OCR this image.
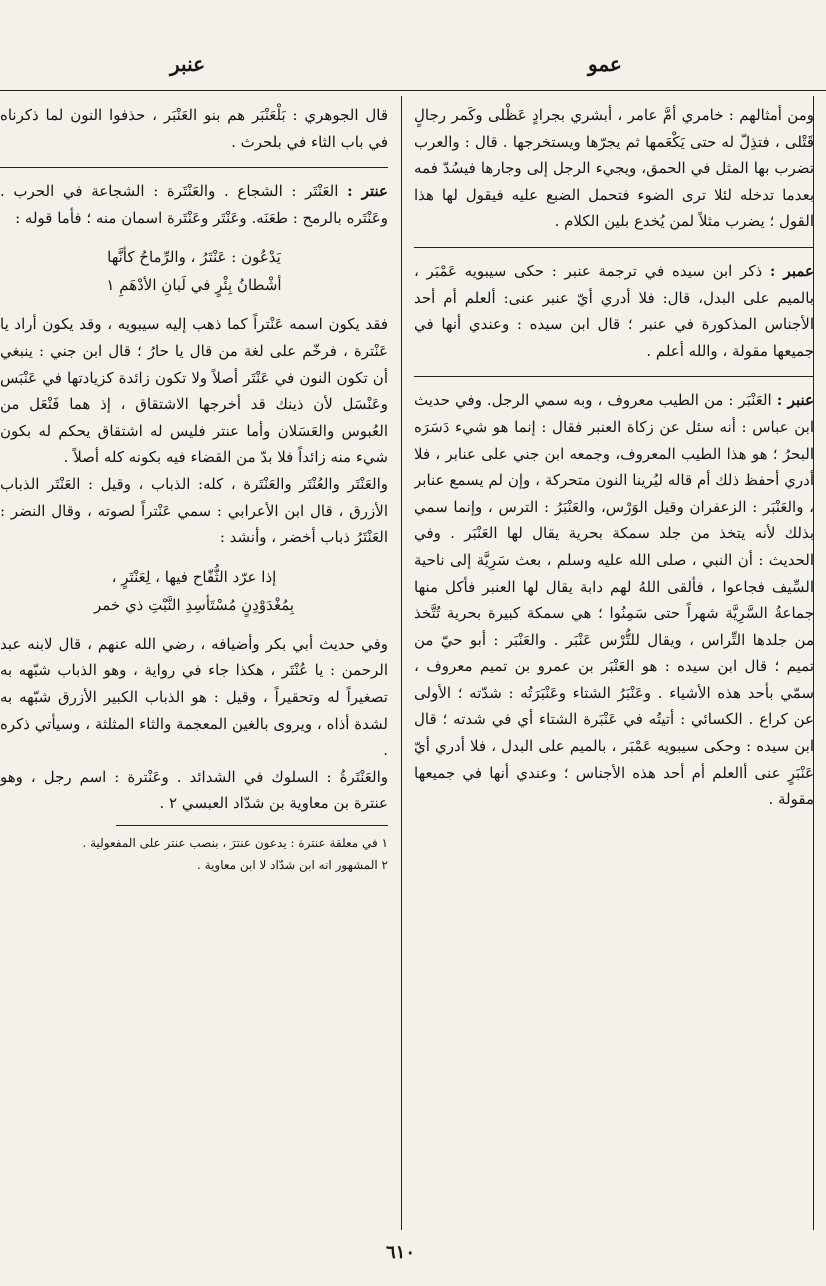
عنبر	عمو
ومن أمثالهم : خامري أمَّ عامر ، أبشري بجرادٍ عَظْلى وكَمر رجالٍ قَتْلى ، فتذِلّ له حتى يَكْعَمها ثم يجرّها ويستخرجها . قال : والعرب تضرب بها المثل في الحمق، ويجيء الرجل إلى وجارها فيسُدّ فمه بعدما تدخله لئلا ترى الضوء فتحمل الضبع عليه فيقول لها هذا القول ؛ يضرب مثلاً لمن يُخدع بلين الكلام .
عمبر : ذكر ابن سيده في ترجمة عنبر : حكى سيبويه عَمْبَر ، بالميم على البدل، قال: فلا أدري أيّ عنبر عنى: ألعلم أم أحد الأجناس المذكورة في عنبر ؛ قال ابن سيده : وعندي أنها في جميعها مقولة ، والله أعلم .
عنبر : العَنْبَر : من الطيب معروف ، وبه سمي الرجل. وفي حديث ابن عباس : أنه سئل عن زكاة العنبر فقال : إنما هو شيء دَسَرَه البحرُ ؛ هو هذا الطيب المعروف، وجمعه ابن جني على عنابر ، فلا أدري أحفظ ذلك أم قاله ليُرينا النون متحركة ، وإن لم يسمع عنابر ، والعَنْبَر : الزعفران وقيل الوَرْس، والعَنْبَرُ : الترس ، وإنما سمي بذلك لأنه يتخذ من جلد سمكة بحرية يقال لها العَنْبَر . وفي الحديث : أن النبي ، صلى الله عليه وسلم ، بعث سَرِيَّة إلى ناحية السِّيف فجاعوا ، فألقى اللهُ لهم دابة يقال لها العنبر فأكل منها جماعةُ السَّرِيَّة شهراً حتى سَمِنُوا ؛ هي سمكة كبيرة بحرية تُتَّخذ من جلدها التِّراس ، ويقال للتُّرْس عَنْبَر . والعَنْبَر : أبو حيّ من تميم ؛ قال ابن سيده : هو العَنْبَر بن عمرو بن تميم معروف ، سمّي بأحد هذه الأشياء . وعَنْبَرُ الشتاء وعَنْبَرَتُه : شدّته ؛ الأولى عن كراع . الكسائي : أتيتُه في عَنْبَرة الشتاء أي في شدته ؛ قال ابن سيده : وحكى سيبويه عَمْبَر ، بالميم على البدل ، فلا أدري أيّ عَنْبَرٍ عنى أالعلم أم أحد هذه الأجناس ؛ وعندي أنها في جميعها مقولة .

قال الجوهري : بَلْعَنْبَر هم بنو العَنْبَر ، حذفوا النون لما ذكرناه في باب الثاء في بلحرث .

عنتر : العَنْتَر : الشجاع . والعَنْتَرة : الشجاعة في الحرب . وعَنْتَره بالرمح : طعَنَه. وعَنْتَر وعَنْتَرة اسمان منه ؛ فأما قوله :
يَدْعُون : عَنْتَرُ ، والرِّماحُ كأنَّها
أشْطانُ بِئْرٍ في لَبانِ الأدْهَمِ ١

فقد يكون اسمه عَنْتراً كما ذهب إليه سيبويه ، وقد يكون أراد يا عَنْترة ، فرخّم على لغة من قال يا حارُ ؛ قال ابن جني : ينبغي أن تكون النون في عَنْتَر أصلاً ولا تكون زائدة كزيادتها في عَنْبَس وعَنْسَل لأن ذينك قد أخرجها الاشتقاق ، إذ هما فَنْعَل من العُبوس والعَسَلان وأما عنتر فليس له اشتقاق يحكم له بكون شيء منه زائداً فلا بدّ من القضاء فيه بكونه كله أصلاً .

والعَنْتَر والعُنْتَر والعَنْتَرة ، كله: الذباب ، وقيل : العَنْتَر الذباب الأزرق ، قال ابن الأعرابي : سمي عَنْتراً لصوته ، وقال النضر : العَنْتَرُ ذباب أخضر ، وأنشد :

إذا عرّد الثُّفّاح فيها ، لِعَنْتَرٍ ،
بِمُغْدَوْدِنٍ مُسْتَأسِدِ النَّبْتِ ذي خمر

وفي حديث أبي بكر وأضيافه ، رضي الله عنهم ، قال لابنه عبد الرحمن : يا عُنْتَر ، هكذا جاء في رواية ، وهو الذباب شبّهه به تصغيراً له وتحقيراً ، وقيل : هو الذباب الكبير الأزرق شبّهه به لشدة أذاه ، ويروى بالغين المعجمة والثاء المثلثة ، وسيأتي ذكره .

والعَنْتَرةُ : السلوك في الشدائد . وعَنْترة : اسم رجل ، وهو عنترة بن معاوية بن شدّاد العبسي ٢ .

١ في معلقة عنترة : يدعون عنترَ ، بنصب عنتر على المفعولية .
٢ المشهور انه ابن شدّاد لا ابن معاوية .
٦١٠
